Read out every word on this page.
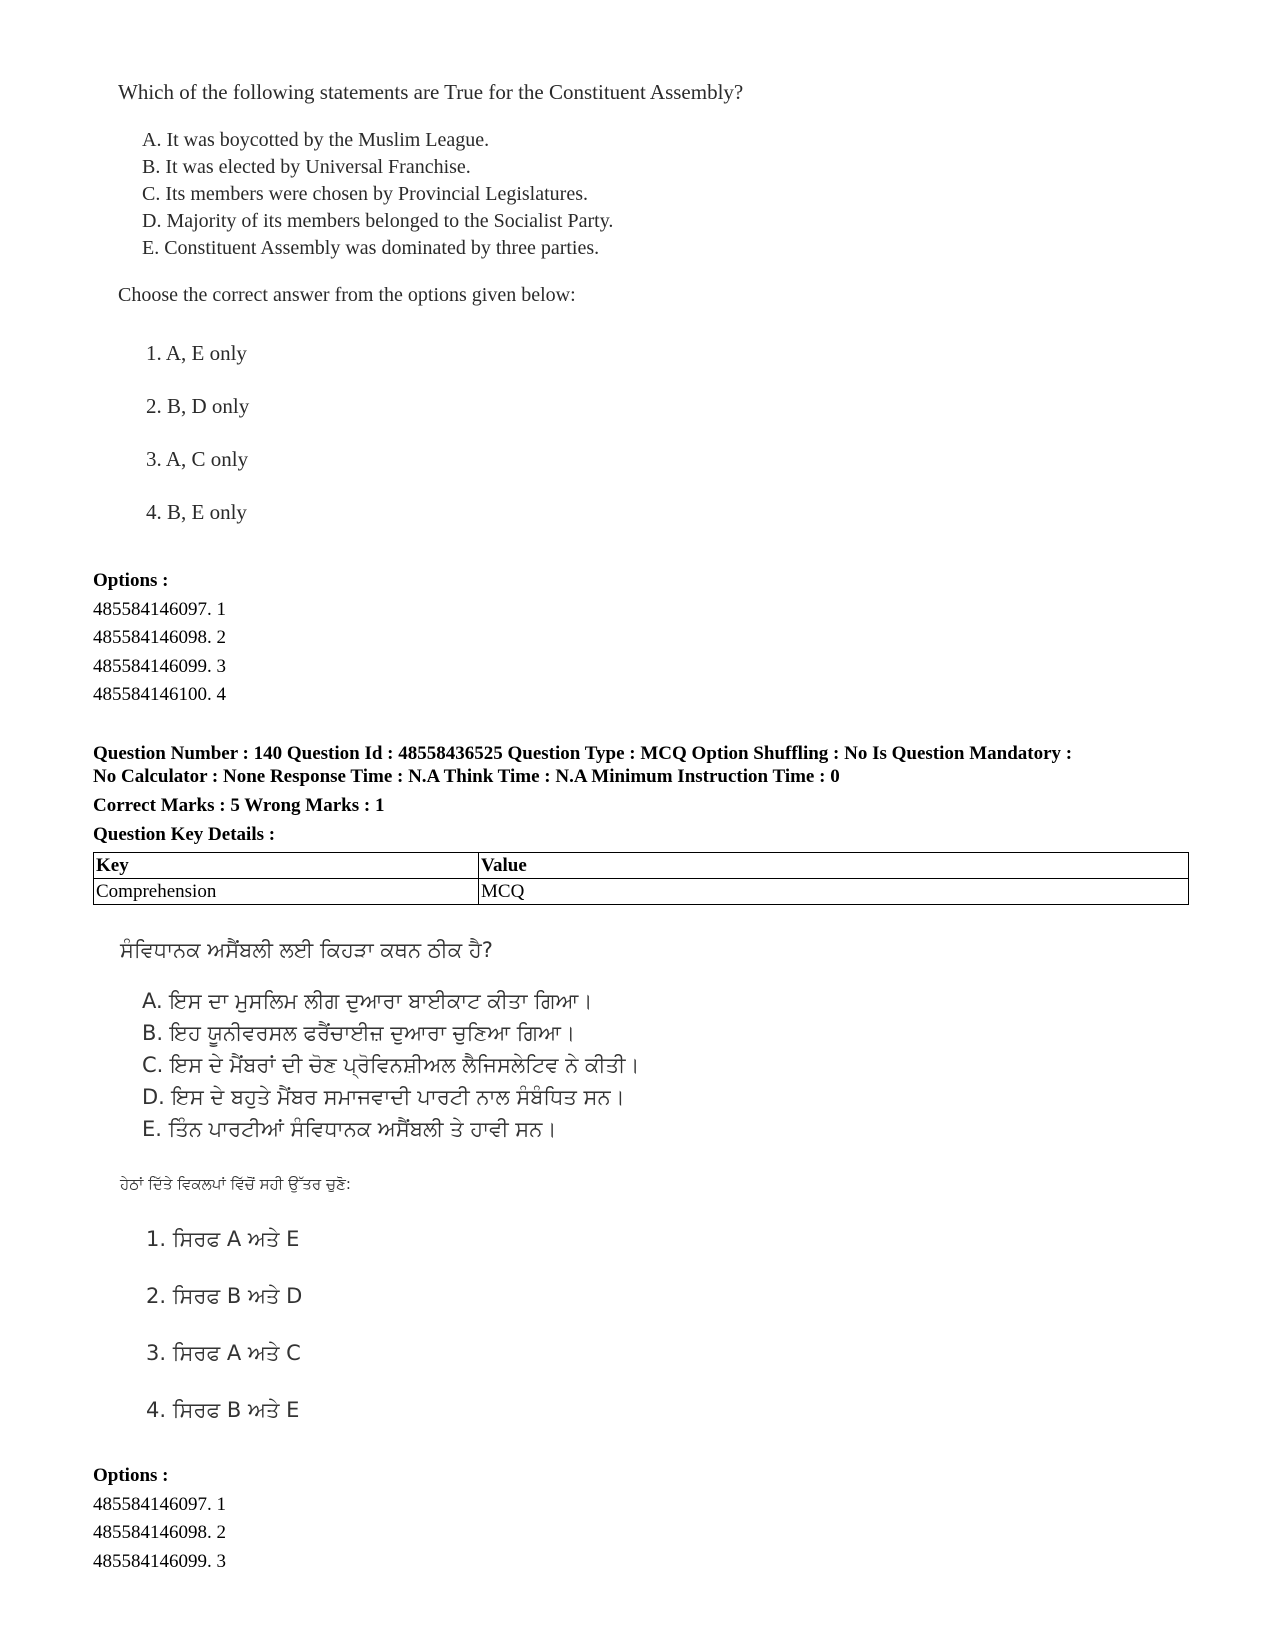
Which of the following statements are True for the Constituent Assembly?
A. It was boycotted by the Muslim League.
B. It was elected by Universal Franchise.
C. Its members were chosen by Provincial Legislatures.
D. Majority of its members belonged to the Socialist Party.
E. Constituent Assembly was dominated by three parties.
Choose the correct answer from the options given below:
1. A, E only
2. B, D only
3. A, C only
4. B, E only
Options :
485584146097. 1
485584146098. 2
485584146099. 3
485584146100. 4
Question Number : 140 Question Id : 48558436525 Question Type : MCQ Option Shuffling : No Is Question Mandatory :
No Calculator : None Response Time : N.A Think Time : N.A Minimum Instruction Time : 0
Correct Marks : 5 Wrong Marks : 1
Question Key Details :
Key	Value
Comprehension	MCQ
ਸੰਵਿਧਾਨਕ ਅਸੈਂਬਲੀ ਲਈ ਕਿਹੜਾ ਕਥਨ ਠੀਕ ਹੈ?
A. ਇਸ ਦਾ ਮੁਸਲਿਮ ਲੀਗ ਦੁਆਰਾ ਬਾਈਕਾਟ ਕੀਤਾ ਗਿਆ।
B. ਇਹ ਯੂਨੀਵਰਸਲ ਫਰੈਂਚਾਈਜ਼ ਦੁਆਰਾ ਚੁਣਿਆ ਗਿਆ।
C. ਇਸ ਦੇ ਮੈਂਬਰਾਂ ਦੀ ਚੋਣ ਪ੍ਰੋਵਿਨਸ਼ੀਅਲ ਲੈਜਿਸਲੇਟਿਵ ਨੇ ਕੀਤੀ।
D. ਇਸ ਦੇ ਬਹੁਤੇ ਮੈਂਬਰ ਸਮਾਜਵਾਦੀ ਪਾਰਟੀ ਨਾਲ ਸੰਬੰਧਿਤ ਸਨ।
E. ਤਿੰਨ ਪਾਰਟੀਆਂ ਸੰਵਿਧਾਨਕ ਅਸੈਂਬਲੀ ਤੇ ਹਾਵੀ ਸਨ।
ਹੇਠਾਂ ਦਿੱਤੇ ਵਿਕਲਪਾਂ ਵਿੱਚੋਂ ਸਹੀ ਉੱਤਰ ਚੁਣੋ:
1. ਸਿਰਫ A ਅਤੇ E
2. ਸਿਰਫ B ਅਤੇ D
3. ਸਿਰਫ A ਅਤੇ C
4. ਸਿਰਫ B ਅਤੇ E
Options :
485584146097. 1
485584146098. 2
485584146099. 3
